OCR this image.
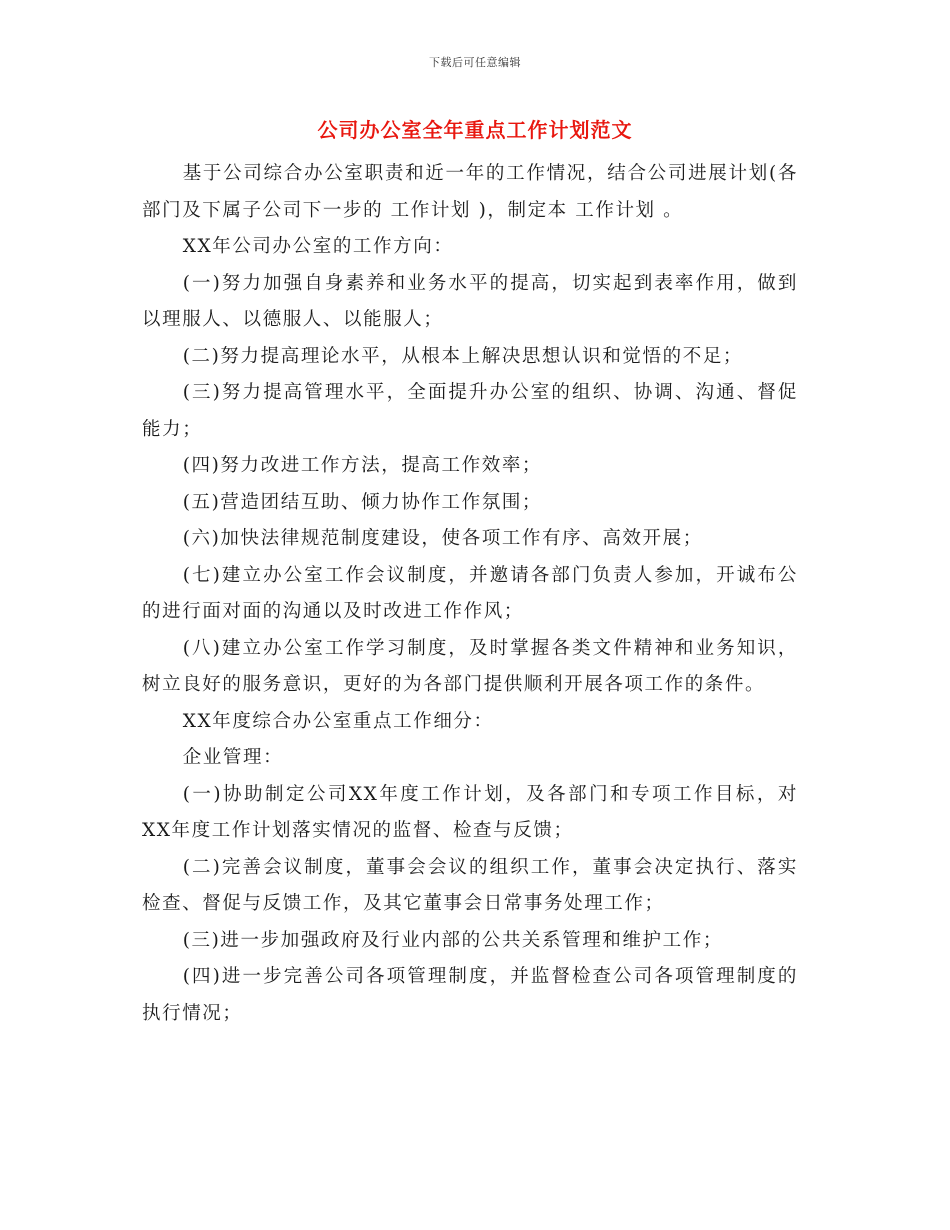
下载后可任意编辑
公司办公室全年重点工作计划范文

基于公司综合办公室职责和近一年的工作情况，结合公司进展计划(各部门及下属子公司下一步的 工作计划 )，制定本 工作计划 。

XX年公司办公室的工作方向：

(一)努力加强自身素养和业务水平的提高，切实起到表率作用，做到以理服人、以德服人、以能服人；

(二)努力提高理论水平，从根本上解决思想认识和觉悟的不足；

(三)努力提高管理水平，全面提升办公室的组织、协调、沟通、督促能力；

(四)努力改进工作方法，提高工作效率；

(五)营造团结互助、倾力协作工作氛围；

(六)加快法律规范制度建设，使各项工作有序、高效开展；

(七)建立办公室工作会议制度，并邀请各部门负责人参加，开诚布公的进行面对面的沟通以及时改进工作作风；

(八)建立办公室工作学习制度，及时掌握各类文件精神和业务知识，树立良好的服务意识，更好的为各部门提供顺利开展各项工作的条件。

XX年度综合办公室重点工作细分：

企业管理：

(一)协助制定公司XX年度工作计划，及各部门和专项工作目标，对XX年度工作计划落实情况的监督、检查与反馈；

(二)完善会议制度，董事会会议的组织工作，董事会决定执行、落实检查、督促与反馈工作，及其它董事会日常事务处理工作；

(三)进一步加强政府及行业内部的公共关系管理和维护工作；

(四)进一步完善公司各项管理制度，并监督检查公司各项管理制度的执行情况；
